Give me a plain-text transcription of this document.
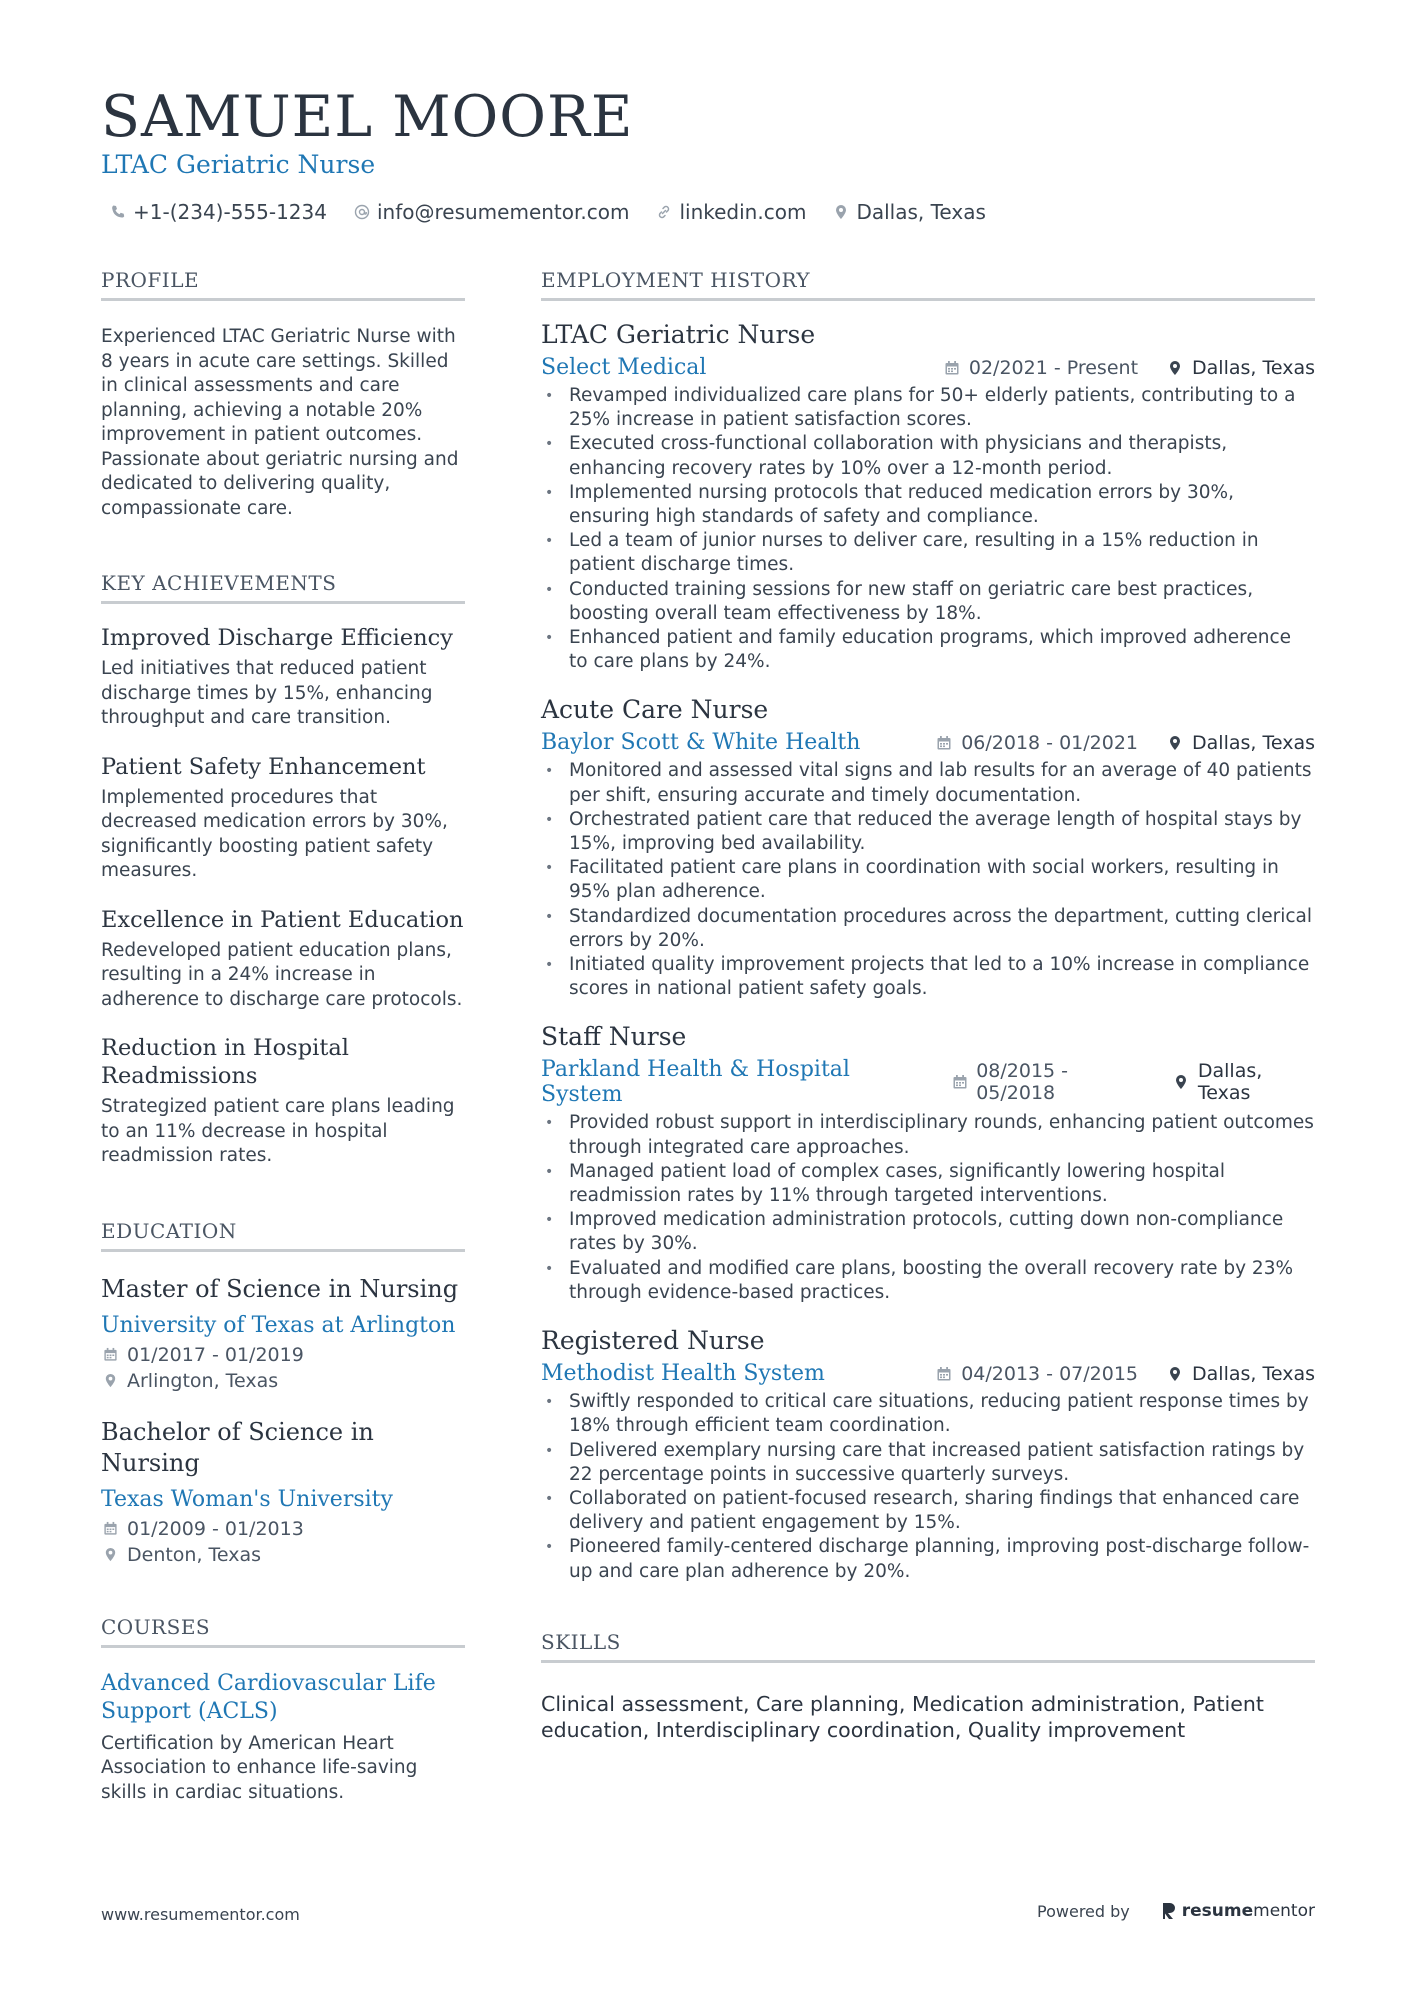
SAMUEL MOORE
LTAC Geriatric Nurse
+1-(234)-555-1234	info@resumementor.com	linkedin.com	Dallas, Texas
PROFILE
Experienced LTAC Geriatric Nurse with 8 years in acute care settings. Skilled in clinical assessments and care planning, achieving a notable 20% improvement in patient outcomes. Passionate about geriatric nursing and dedicated to delivering quality, compassionate care.
KEY ACHIEVEMENTS
Improved Discharge Efficiency
Led initiatives that reduced patient discharge times by 15%, enhancing throughput and care transition.
Patient Safety Enhancement
Implemented procedures that decreased medication errors by 30%, significantly boosting patient safety measures.
Excellence in Patient Education
Redeveloped patient education plans, resulting in a 24% increase in adherence to discharge care protocols.
Reduction in Hospital Readmissions
Strategized patient care plans leading to an 11% decrease in hospital readmission rates.
EDUCATION
Master of Science in Nursing
University of Texas at Arlington
01/2017 - 01/2019
Arlington, Texas
Bachelor of Science in Nursing
Texas Woman's University
01/2009 - 01/2013
Denton, Texas
COURSES
Advanced Cardiovascular Life Support (ACLS)
Certification by American Heart Association to enhance life-saving skills in cardiac situations.
EMPLOYMENT HISTORY
LTAC Geriatric Nurse
Select Medical	02/2021 - Present	Dallas, Texas
• Revamped individualized care plans for 50+ elderly patients, contributing to a 25% increase in patient satisfaction scores.
• Executed cross-functional collaboration with physicians and therapists, enhancing recovery rates by 10% over a 12-month period.
• Implemented nursing protocols that reduced medication errors by 30%, ensuring high standards of safety and compliance.
• Led a team of junior nurses to deliver care, resulting in a 15% reduction in patient discharge times.
• Conducted training sessions for new staff on geriatric care best practices, boosting overall team effectiveness by 18%.
• Enhanced patient and family education programs, which improved adherence to care plans by 24%.
Acute Care Nurse
Baylor Scott & White Health	06/2018 - 01/2021	Dallas, Texas
• Monitored and assessed vital signs and lab results for an average of 40 patients per shift, ensuring accurate and timely documentation.
• Orchestrated patient care that reduced the average length of hospital stays by 15%, improving bed availability.
• Facilitated patient care plans in coordination with social workers, resulting in 95% plan adherence.
• Standardized documentation procedures across the department, cutting clerical errors by 20%.
• Initiated quality improvement projects that led to a 10% increase in compliance scores in national patient safety goals.
Staff Nurse
Parkland Health & Hospital System
08/2015 - 05/2018
Dallas, Texas
• Provided robust support in interdisciplinary rounds, enhancing patient outcomes through integrated care approaches.
• Managed patient load of complex cases, significantly lowering hospital readmission rates by 11% through targeted interventions.
• Improved medication administration protocols, cutting down non-compliance rates by 30%.
• Evaluated and modified care plans, boosting the overall recovery rate by 23% through evidence-based practices.
Registered Nurse
Methodist Health System	04/2013 - 07/2015	Dallas, Texas
• Swiftly responded to critical care situations, reducing patient response times by 18% through efficient team coordination.
• Delivered exemplary nursing care that increased patient satisfaction ratings by 22 percentage points in successive quarterly surveys.
• Collaborated on patient-focused research, sharing findings that enhanced care delivery and patient engagement by 15%.
• Pioneered family-centered discharge planning, improving post-discharge follow-up and care plan adherence by 20%.
SKILLS
Clinical assessment, Care planning, Medication administration, Patient education, Interdisciplinary coordination, Quality improvement
www.resumementor.com	Powered by	resume mentor
